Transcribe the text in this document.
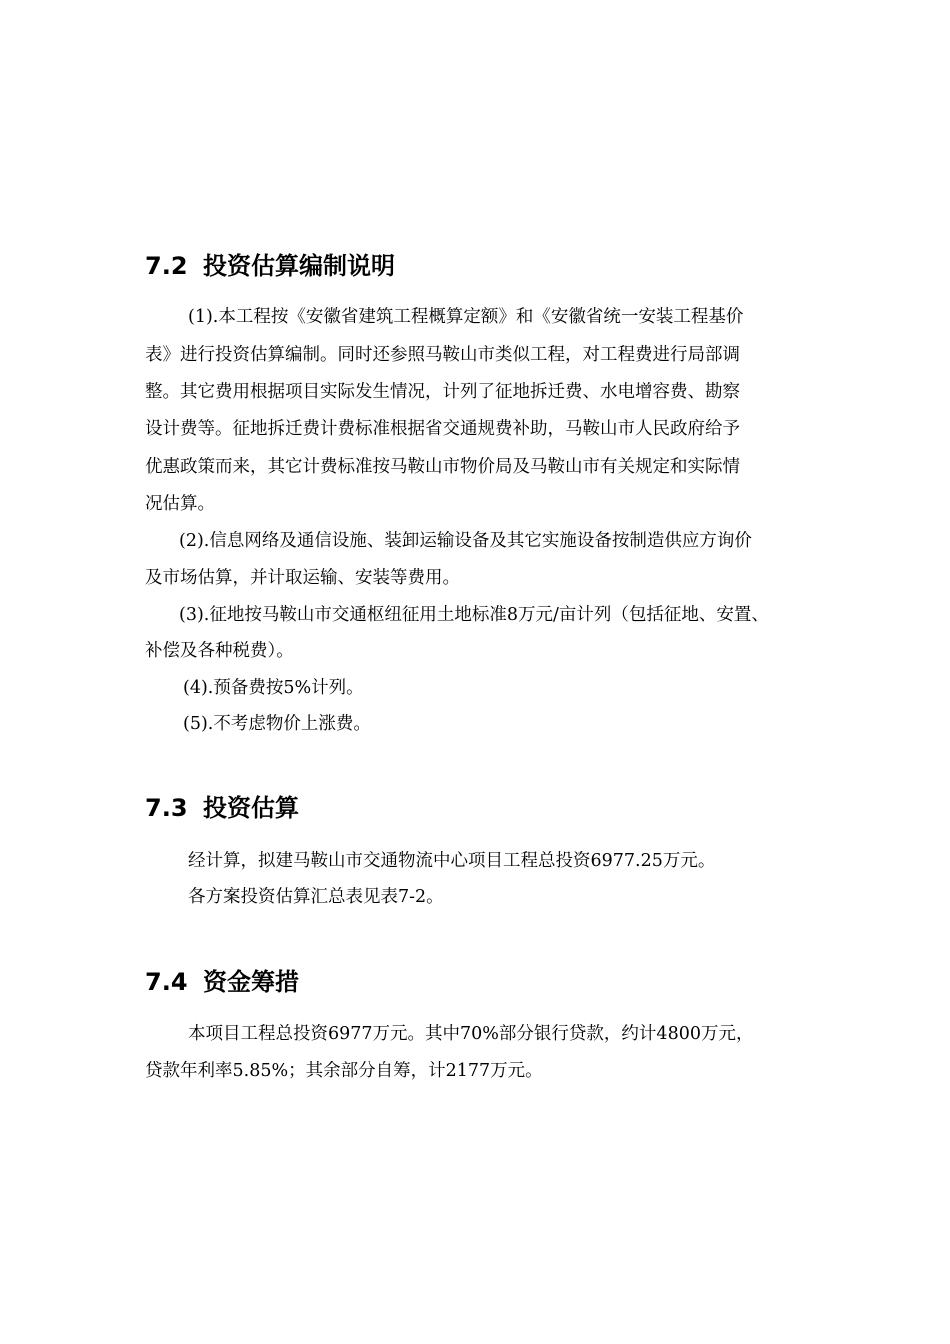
7.2 投资估算编制说明

(1).本工程按《安徽省建筑工程概算定额》和《安徽省统一安装工程基价

表》进行投资估算编制。同时还参照马鞍山市类似工程，对工程费进行局部调

整。其它费用根据项目实际发生情况，计列了征地拆迁费、水电增容费、勘察

设计费等。征地拆迁费计费标准根据省交通规费补助，马鞍山市人民政府给予

优惠政策而来，其它计费标准按马鞍山市物价局及马鞍山市有关规定和实际情

况估算。

(2).信息网络及通信设施、装卸运输设备及其它实施设备按制造供应方询价

及市场估算，并计取运输、安装等费用。

(3).征地按马鞍山市交通枢纽征用土地标准8万元/亩计列（包括征地、安置、

补偿及各种税费）。

(4).预备费按5%计列。

(5).不考虑物价上涨费。

7.3 投资估算

经计算，拟建马鞍山市交通物流中心项目工程总投资6977.25万元。

各方案投资估算汇总表见表7-2。

7.4 资金筹措

本项目工程总投资6977万元。其中70%部分银行贷款，约计4800万元，

贷款年利率5.85%；其余部分自筹，计2177万元。
